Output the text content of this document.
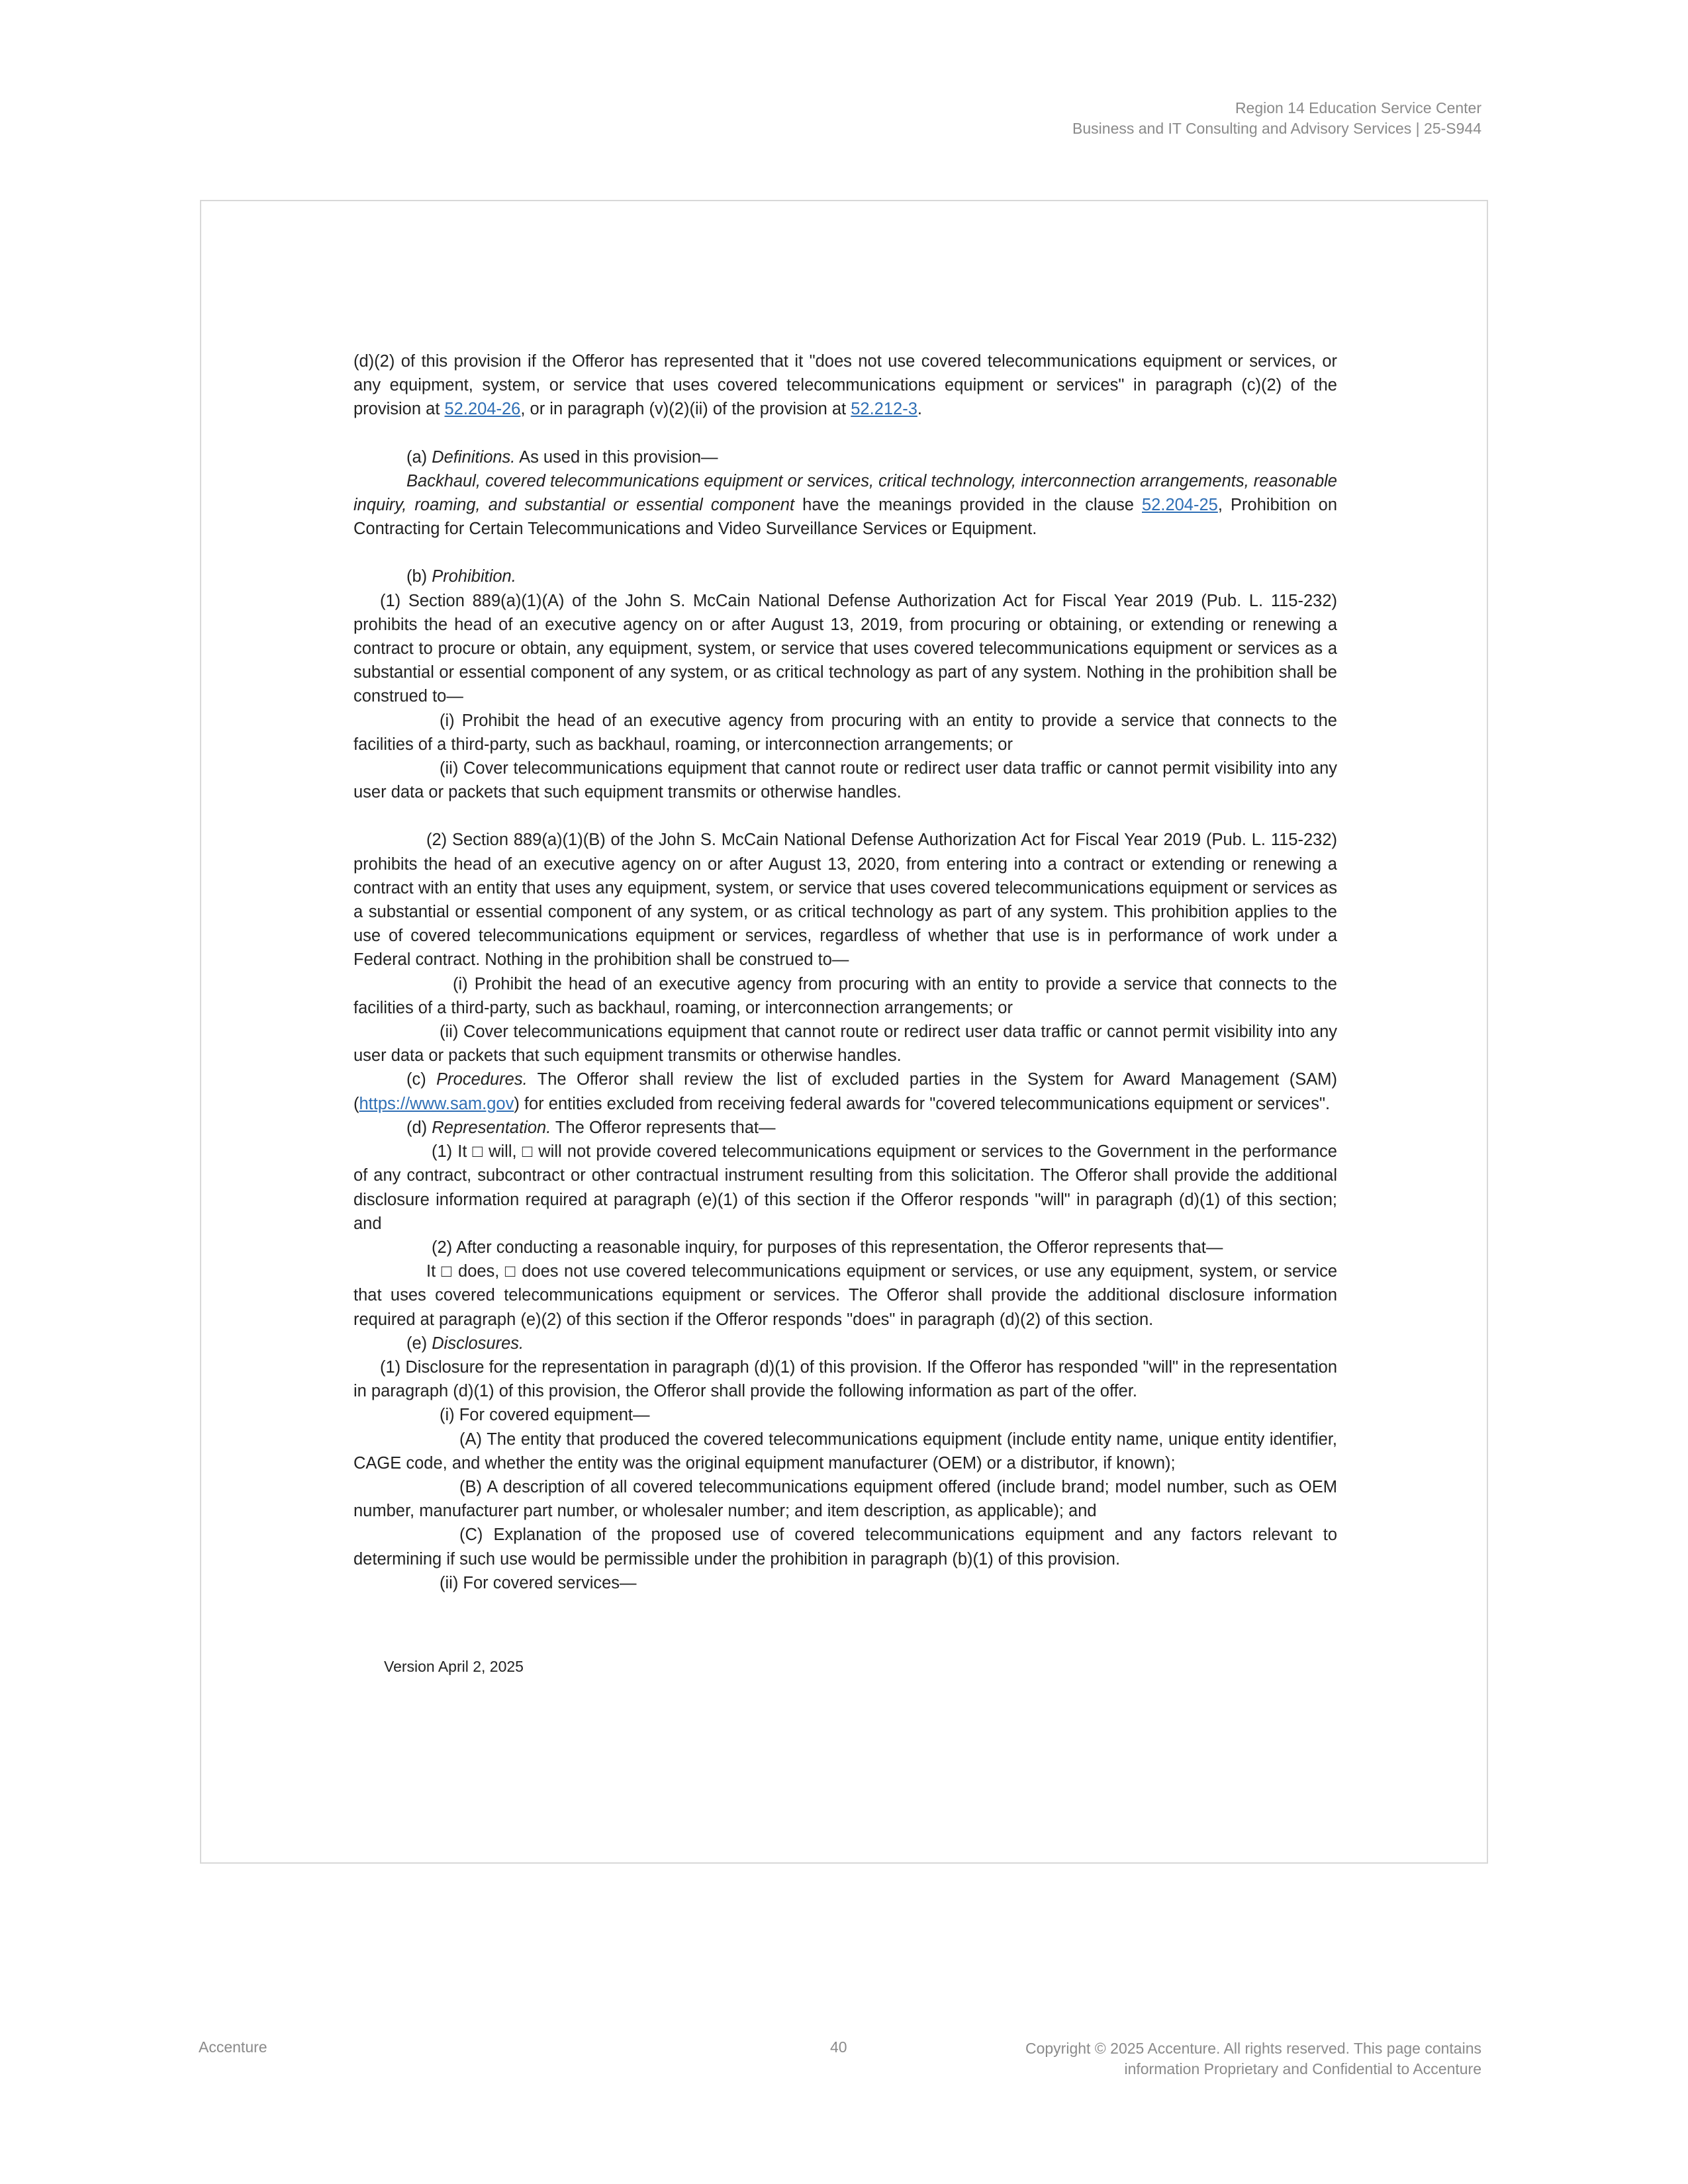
Region 14 Education Service Center
Business and IT Consulting and Advisory Services | 25-S944

(d)(2) of this provision if the Offeror has represented that it "does not use covered telecommunications equipment or services, or any equipment, system, or service that uses covered telecommunications equipment or services" in paragraph (c)(2) of the provision at 52.204-26, or in paragraph (v)(2)(ii) of the provision at 52.212-3.

(a) Definitions. As used in this provision—

Backhaul, covered telecommunications equipment or services, critical technology, interconnection arrangements, reasonable inquiry, roaming, and substantial or essential component have the meanings provided in the clause 52.204-25, Prohibition on Contracting for Certain Telecommunications and Video Surveillance Services or Equipment.

(b) Prohibition.

(1) Section 889(a)(1)(A) of the John S. McCain National Defense Authorization Act for Fiscal Year 2019 (Pub. L. 115-232) prohibits the head of an executive agency on or after August 13, 2019, from procuring or obtaining, or extending or renewing a contract to procure or obtain, any equipment, system, or service that uses covered telecommunications equipment or services as a substantial or essential component of any system, or as critical technology as part of any system. Nothing in the prohibition shall be construed to—

(i) Prohibit the head of an executive agency from procuring with an entity to provide a service that connects to the facilities of a third-party, such as backhaul, roaming, or interconnection arrangements; or

(ii) Cover telecommunications equipment that cannot route or redirect user data traffic or cannot permit visibility into any user data or packets that such equipment transmits or otherwise handles.

(2) Section 889(a)(1)(B) of the John S. McCain National Defense Authorization Act for Fiscal Year 2019 (Pub. L. 115-232) prohibits the head of an executive agency on or after August 13, 2020, from entering into a contract or extending or renewing a contract with an entity that uses any equipment, system, or service that uses covered telecommunications equipment or services as a substantial or essential component of any system, or as critical technology as part of any system. This prohibition applies to the use of covered telecommunications equipment or services, regardless of whether that use is in performance of work under a Federal contract. Nothing in the prohibition shall be construed to—

(i) Prohibit the head of an executive agency from procuring with an entity to provide a service that connects to the facilities of a third-party, such as backhaul, roaming, or interconnection arrangements; or

(ii) Cover telecommunications equipment that cannot route or redirect user data traffic or cannot permit visibility into any user data or packets that such equipment transmits or otherwise handles.

(c) Procedures. The Offeror shall review the list of excluded parties in the System for Award Management (SAM) (https://www.sam.gov) for entities excluded from receiving federal awards for "covered telecommunications equipment or services".

(d) Representation. The Offeror represents that—

(1) It □ will, □ will not provide covered telecommunications equipment or services to the Government in the performance of any contract, subcontract or other contractual instrument resulting from this solicitation. The Offeror shall provide the additional disclosure information required at paragraph (e)(1) of this section if the Offeror responds "will" in paragraph (d)(1) of this section; and

(2) After conducting a reasonable inquiry, for purposes of this representation, the Offeror represents that—

It □ does, □ does not use covered telecommunications equipment or services, or use any equipment, system, or service that uses covered telecommunications equipment or services. The Offeror shall provide the additional disclosure information required at paragraph (e)(2) of this section if the Offeror responds "does" in paragraph (d)(2) of this section.

(e) Disclosures.

(1) Disclosure for the representation in paragraph (d)(1) of this provision. If the Offeror has responded "will" in the representation in paragraph (d)(1) of this provision, the Offeror shall provide the following information as part of the offer.

(i) For covered equipment—

(A) The entity that produced the covered telecommunications equipment (include entity name, unique entity identifier, CAGE code, and whether the entity was the original equipment manufacturer (OEM) or a distributor, if known);

(B) A description of all covered telecommunications equipment offered (include brand; model number, such as OEM number, manufacturer part number, or wholesaler number; and item description, as applicable); and

(C) Explanation of the proposed use of covered telecommunications equipment and any factors relevant to determining if such use would be permissible under the prohibition in paragraph (b)(1) of this provision.

(ii) For covered services—

Version April 2, 2025
Accenture	40	Copyright © 2025 Accenture. All rights reserved. This page contains
information Proprietary and Confidential to Accenture
